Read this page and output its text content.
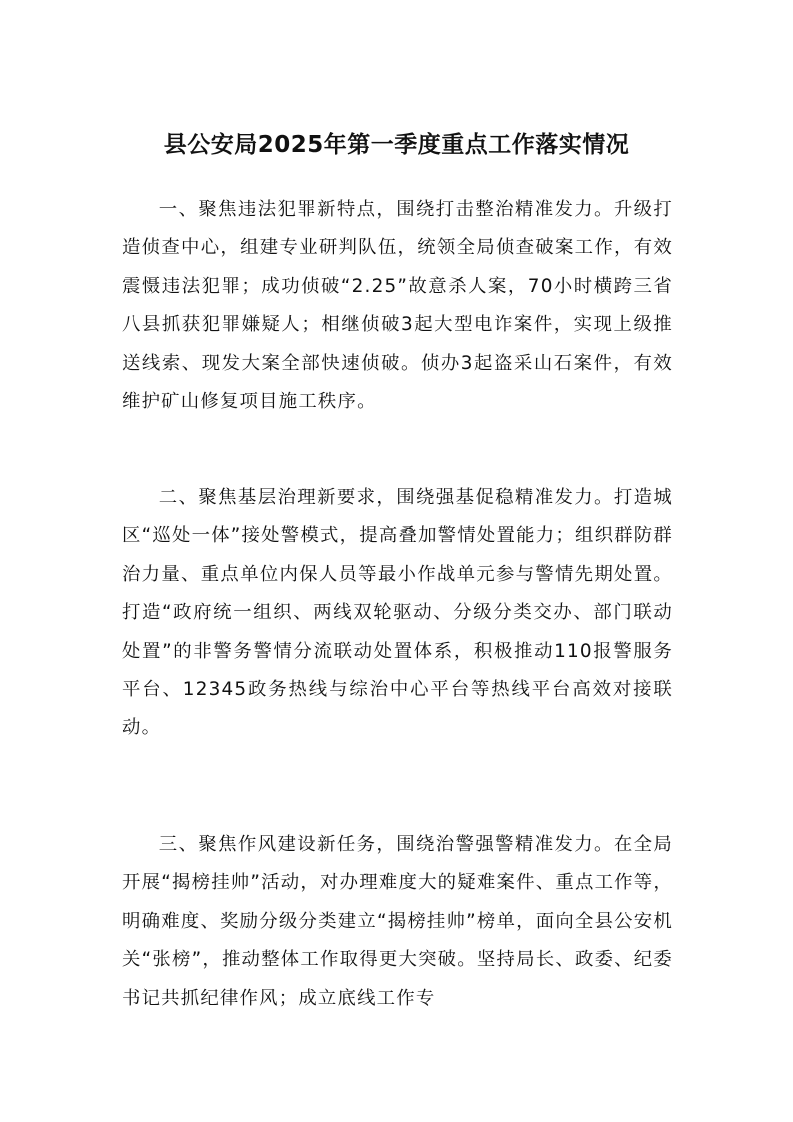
县公安局2025年第一季度重点工作落实情况

一、聚焦违法犯罪新特点，围绕打击整治精准发力。升级打造侦查中心，组建专业研判队伍，统领全局侦查破案工作，有效震慑违法犯罪；成功侦破“2.25”故意杀人案，70小时横跨三省八县抓获犯罪嫌疑人；相继侦破3起大型电诈案件，实现上级推送线索、现发大案全部快速侦破。侦办3起盗采山石案件，有效维护矿山修复项目施工秩序。

二、聚焦基层治理新要求，围绕强基促稳精准发力。打造城区“巡处一体”接处警模式，提高叠加警情处置能力；组织群防群治力量、重点单位内保人员等最小作战单元参与警情先期处置。打造“政府统一组织、两线双轮驱动、分级分类交办、部门联动处置”的非警务警情分流联动处置体系，积极推动110报警服务平台、12345政务热线与综治中心平台等热线平台高效对接联动。

三、聚焦作风建设新任务，围绕治警强警精准发力。在全局开展“揭榜挂帅”活动，对办理难度大的疑难案件、重点工作等，明确难度、奖励分级分类建立“揭榜挂帅”榜单，面向全县公安机关“张榜”，推动整体工作取得更大突破。坚持局长、政委、纪委书记共抓纪律作风；成立底线工作专
